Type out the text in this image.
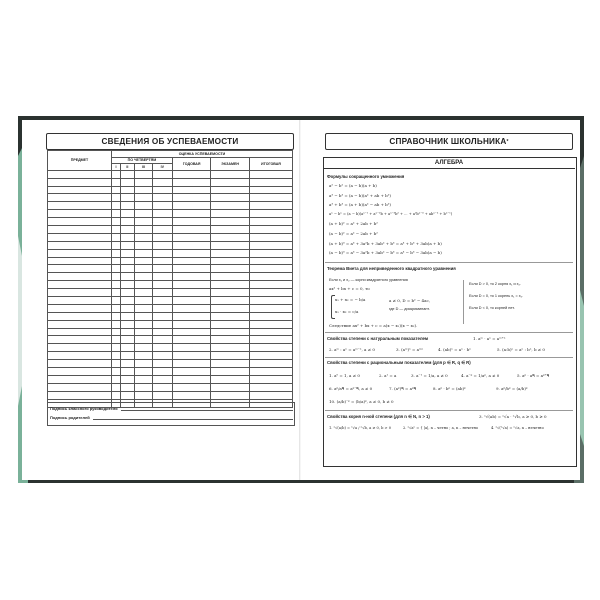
СВЕДЕНИЯ ОБ УСПЕВАЕМОСТИ
ПРЕДМЕТ	ОЦЕНКА УСПЕВАЕМОСТИ						
	ПО ЧЕТВЕРТЯМ				ГОДОВАЯ	ЭКЗАМЕН	ИТОГОВАЯ
	I	II	III	IV			

Подпись классного руководителя
Подпись родителей
СПРАВОЧНИК ШКОЛЬНИКА *
АЛГЕБРА
Формулы сокращенного умножения
a² − b² = (a − b)(a + b)
a³ − b³ = (a − b)(a² + ab + b²)
a³ + b³ = (a + b)(a² − ab + b²)
aⁿ − bⁿ = (a − b)(aⁿ⁻¹ + aⁿ⁻²b + aⁿ⁻³b² + ... + a²bⁿ⁻³ + abⁿ⁻² + bⁿ⁻¹)
(a + b)² = a² + 2ab + b²
(a − b)² = a² − 2ab + b²
(a + b)³ = a³ + 3a²b + 3ab² + b³ = a³ + b³ + 3ab(a + b)
(a − b)³ = a³ − 3a²b + 3ab² − b³ = a³ − b³ − 3ab(a − b)
Теорема Виета для неприведенного квадратного уравнения
Если x₁ и x₂ — корни квадратного уравнения
ax² + bx + c = 0, то
x₁ + x₂ = − b/a
x₁ · x₂ = c/a
a ≠ 0, D = b² − 4ac,
где D — дискриминант.
Следствие ax² + bx + c = a(x − x₁)(x − x₂).
Если D > 0, то 2 корня x₁ и x₂.
Если D = 0, то 1 корень x₁ = x₂.
Если D < 0, то корней нет.
Свойства степени с натуральным показателем	1. aᵐ · aⁿ = aᵐ⁺ⁿ
2. aᵐ : aⁿ = aᵐ⁻ⁿ, a ≠ 0	3. (aᵐ)ⁿ = aᵐⁿ	4. (ab)ⁿ = aⁿ · bⁿ	5. (a:b)ⁿ = aⁿ : bⁿ, b ≠ 0
Свойства степени с рациональным показателем (для p ∈ R, q ∈ R)
1. a⁰ = 1, a ≠ 0	2. a¹ = a	3. a⁻¹ = 1/a, a ≠ 0	4. a⁻ᵖ = 1/aᵖ, a ≠ 0	5. aᵖ · aᑫ = aᵖ⁺ᑫ
6. aᵖ/aᑫ = aᵖ⁻ᑫ, a ≠ 0	7. (aᵖ)ᑫ = aᵖᑫ	8. aᵖ · bᵖ = (ab)ᵖ	9. aᵖ/bᵖ = (a/b)ᵖ
10. (a/b)⁻ᵖ = (b/a)ᵖ, a ≠ 0, b ≠ 0
Свойства корня n-ной степени (для n ∈ N, n > 1)	3. ⁿ√(ab) = ⁿ√a · ⁿ√b, a ≥ 0, b ≥ 0
1. ⁿ√(a/b) = ⁿ√a / ⁿ√b, a ≥ 0, b > 0	2. ⁿ√aⁿ = { |a|, n – четно ; a, n – нечетно	4. ⁿ√(ⁿ√a) = ⁿ√a, n – нечетно
